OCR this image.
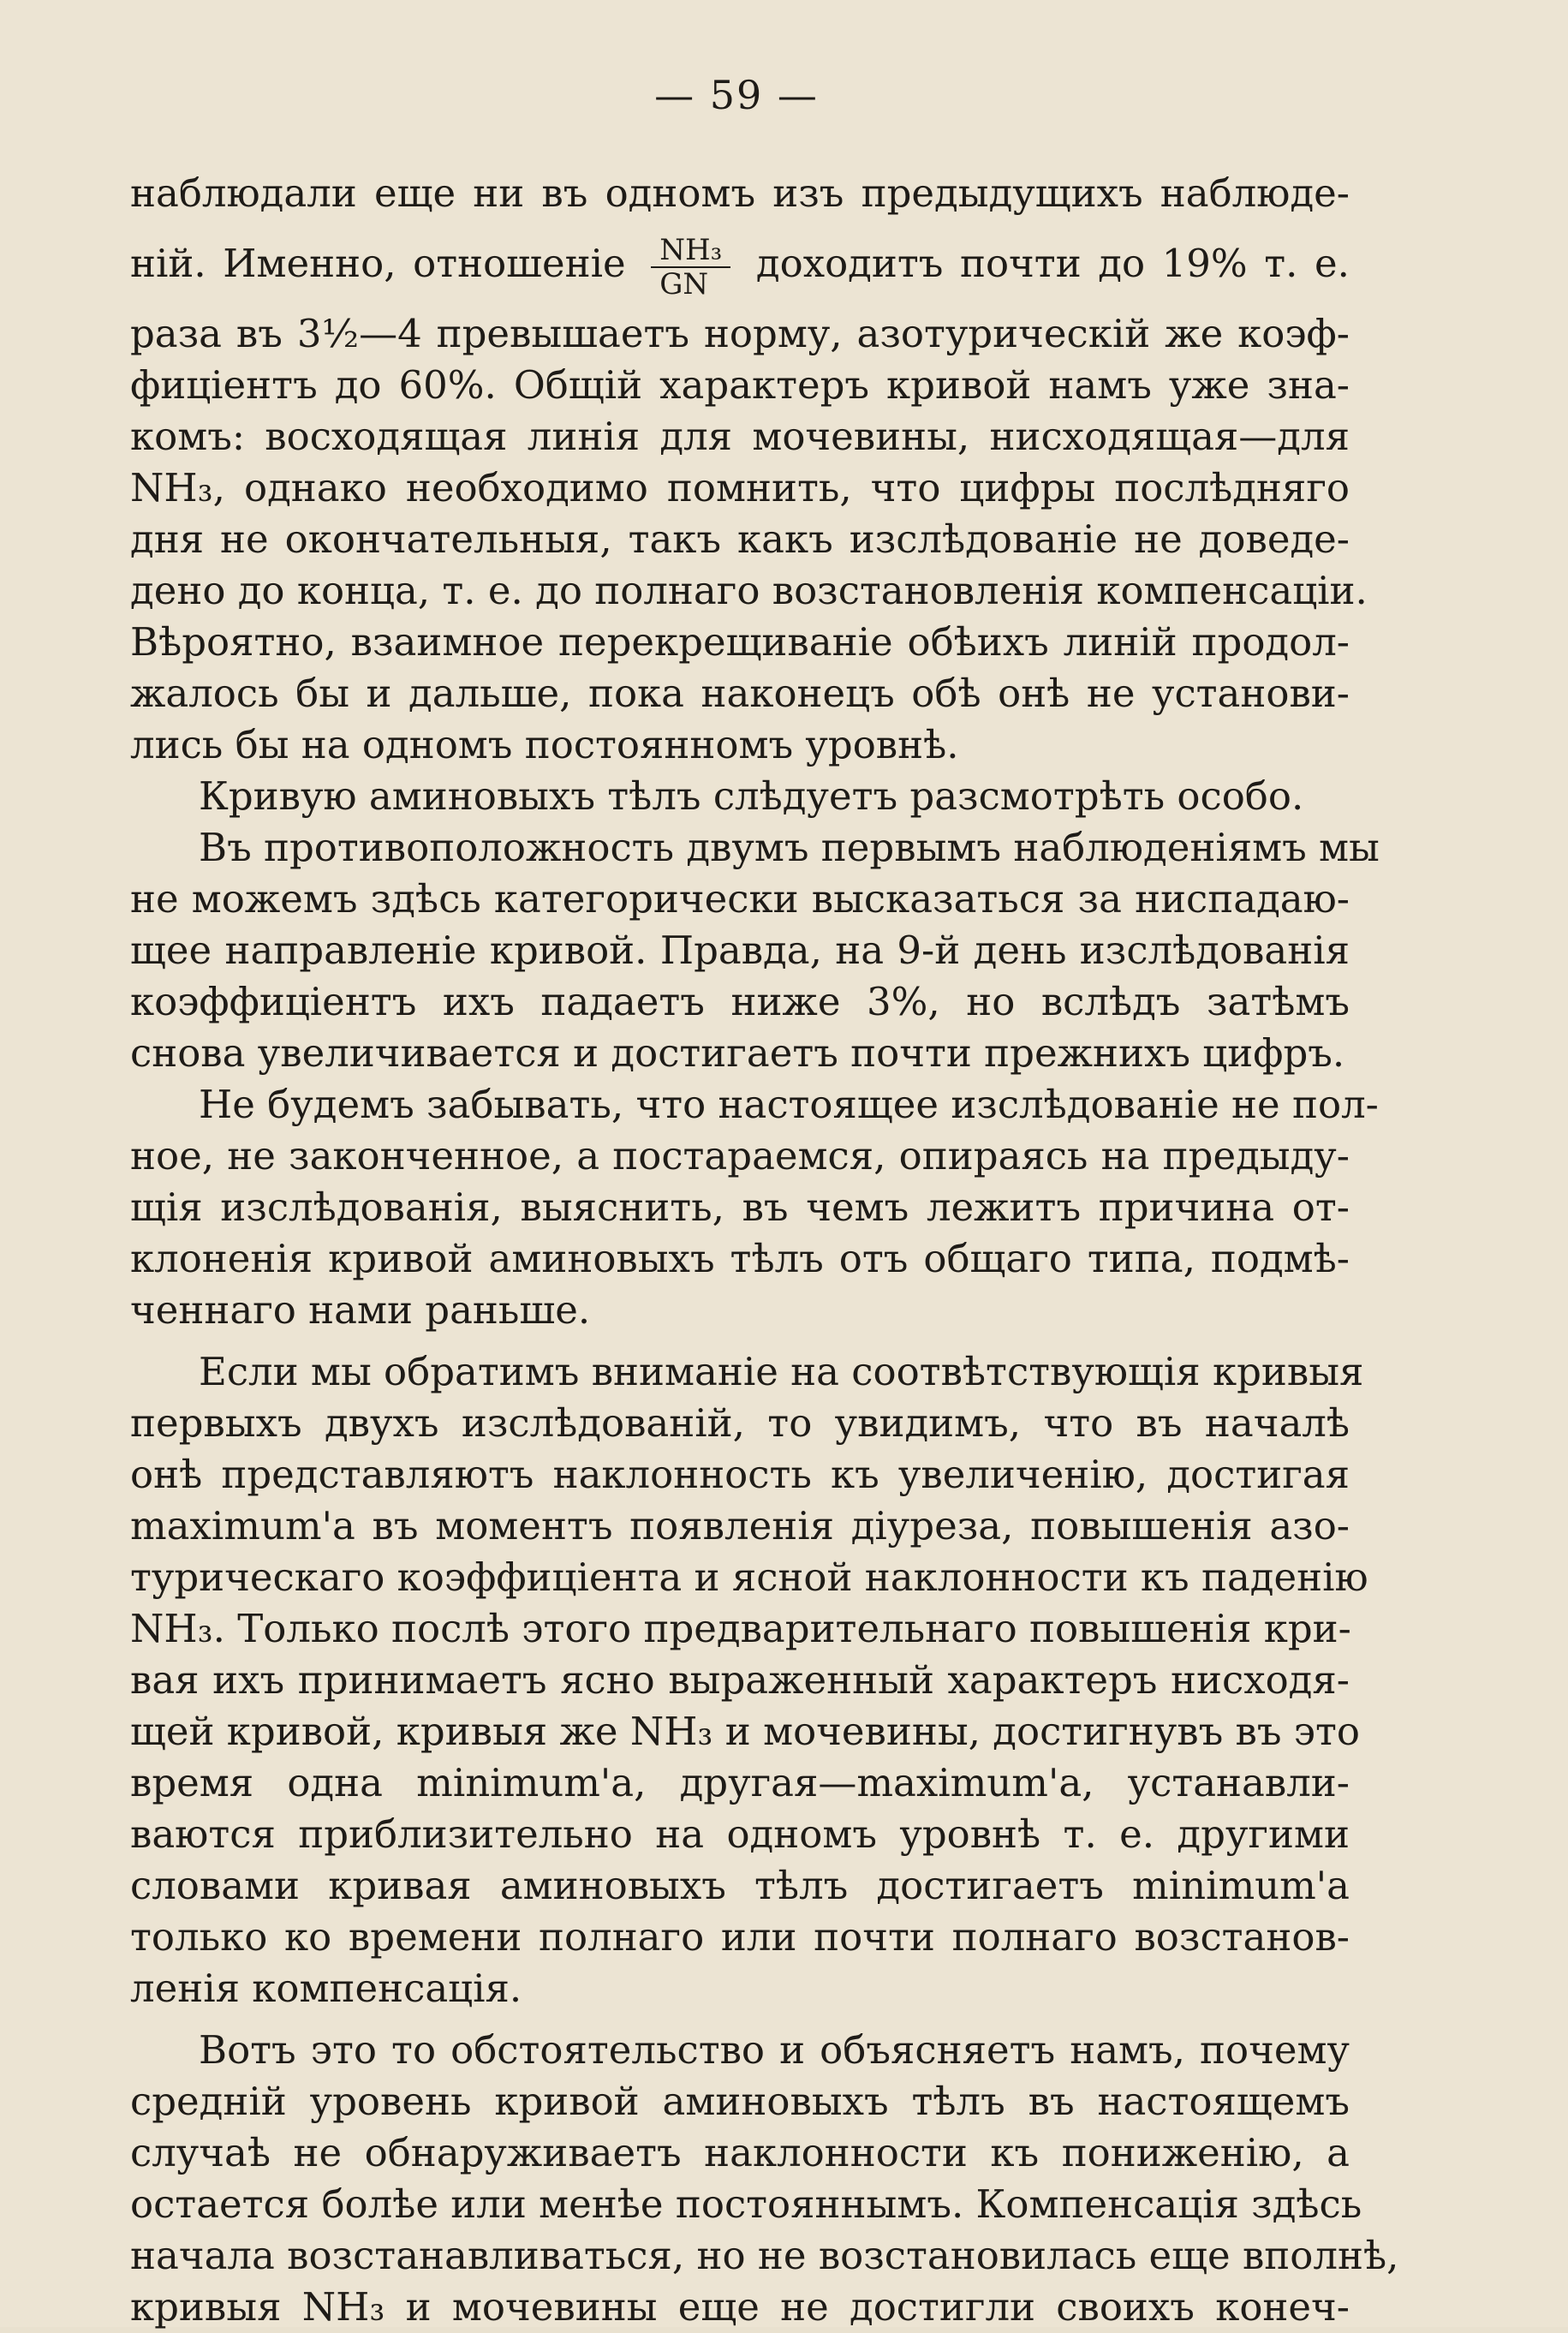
— 59 —
наблюдали еще ни въ одномъ изъ предыдущихъ наблюде-
ній. Именно, отношеніе $\frac{\text{NH₃}}{GN}$ доходитъ почти до 19% т. е.
раза въ 3½—4 превышаетъ норму, азотурическій же коэф-
фиціентъ до 60%. Общій характеръ кривой намъ уже зна-
комъ: восходящая линія для мочевины, нисходящая—для
NH₃, однако необходимо помнить, что цифры послѣдняго
дня не окончательныя, такъ какъ изслѣдованіе не доведе-
дено до конца, т. е. до полнаго возстановленія компенсаціи.
Вѣроятно, взаимное перекрещиваніе обѣихъ линій продол-
жалось бы и дальше, пока наконецъ обѣ онѣ не установи-
лись бы на одномъ постоянномъ уровнѣ.
Кривую аминовыхъ тѣлъ слѣдуетъ разсмотрѣть особо.
Въ противоположность двумъ первымъ наблюденіямъ мы
не можемъ здѣсь категорически высказаться за ниспадаю-
щее направленіе кривой. Правда, на 9-й день изслѣдованія
коэффиціентъ ихъ падаетъ ниже 3%, но вслѣдъ затѣмъ
снова увеличивается и достигаетъ почти прежнихъ цифръ.
Не будемъ забывать, что настоящее изслѣдованіе не пол-
ное, не законченное, а постараемся, опираясь на предыду-
щія изслѣдованія, выяснить, въ чемъ лежитъ причина от-
клоненія кривой аминовыхъ тѣлъ отъ общаго типа, подмѣ-
ченнаго нами раньше.
Если мы обратимъ вниманіе на соотвѣтствующія кривыя
первыхъ двухъ изслѣдованій, то увидимъ, что въ началѣ
онѣ представляютъ наклонность къ увеличенію, достигая
maximum'а въ моментъ появленія діуреза, повышенія азо-
турическаго коэффиціента и ясной наклонности къ паденію
NH₃. Только послѣ этого предварительнаго повышенія кри-
вая ихъ принимаетъ ясно выраженный характеръ нисходя-
щей кривой, кривыя же NH₃ и мочевины, достигнувъ въ это
время одна minimum'а, другая—maximum'а, устанавли-
ваются приблизительно на одномъ уровнѣ т. е. другими
словами кривая аминовыхъ тѣлъ достигаетъ minimum'а
только ко времени полнаго или почти полнаго возстанов-
ленія компенсація.
Вотъ это то обстоятельство и объясняетъ намъ, почему
средній уровень кривой аминовыхъ тѣлъ въ настоящемъ
случаѣ не обнаруживаетъ наклонности къ пониженію, а
остается болѣе или менѣе постояннымъ. Компенсація здѣсь
начала возстанавливаться, но не возстановилась еще вполнѣ,
кривыя NH₃ и мочевины еще не достигли своихъ конеч-
